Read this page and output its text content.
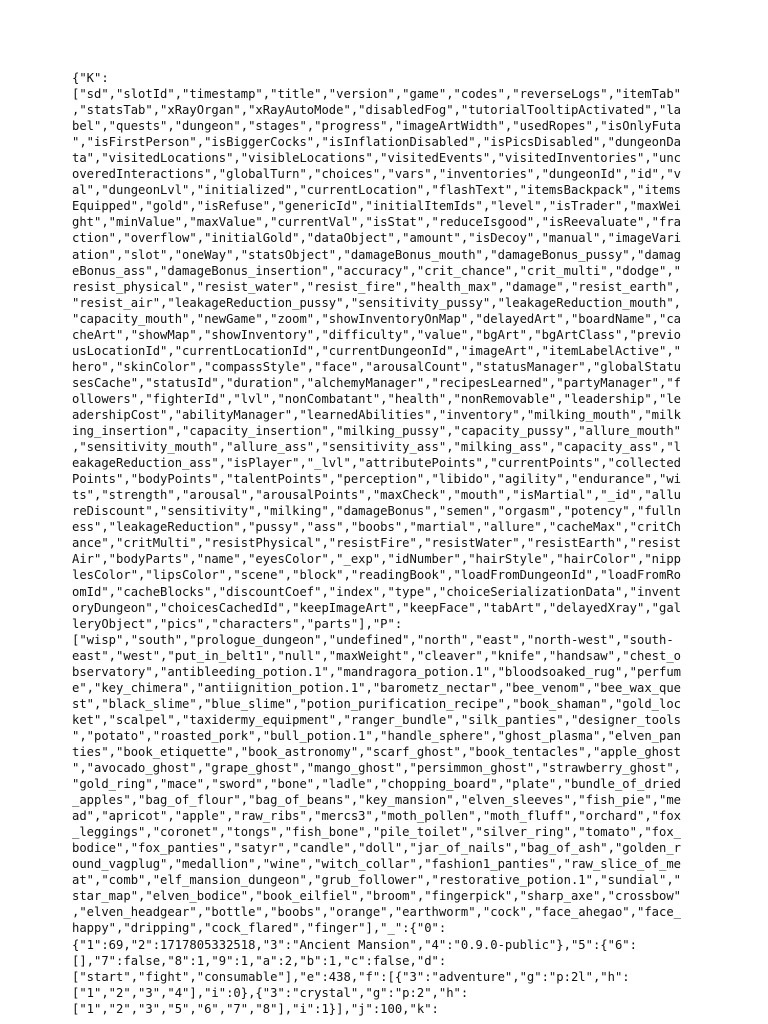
{"K":
["sd","slotId","timestamp","title","version","game","codes","reverseLogs","itemTab"
,"statsTab","xRayOrgan","xRayAutoMode","disabledFog","tutorialTooltipActivated","la
bel","quests","dungeon","stages","progress","imageArtWidth","usedRopes","isOnlyFuta
","isFirstPerson","isBiggerCocks","isInflationDisabled","isPicsDisabled","dungeonDa
ta","visitedLocations","visibleLocations","visitedEvents","visitedInventories","unc
overedInteractions","globalTurn","choices","vars","inventories","dungeonId","id","v
al","dungeonLvl","initialized","currentLocation","flashText","itemsBackpack","items
Equipped","gold","isRefuse","genericId","initialItemIds","level","isTrader","maxWei
ght","minValue","maxValue","currentVal","isStat","reduceIsgood","isReevaluate","fra
ction","overflow","initialGold","dataObject","amount","isDecoy","manual","imageVari
ation","slot","oneWay","statsObject","damageBonus_mouth","damageBonus_pussy","damag
eBonus_ass","damageBonus_insertion","accuracy","crit_chance","crit_multi","dodge","
resist_physical","resist_water","resist_fire","health_max","damage","resist_earth",
"resist_air","leakageReduction_pussy","sensitivity_pussy","leakageReduction_mouth",
"capacity_mouth","newGame","zoom","showInventoryOnMap","delayedArt","boardName","ca
cheArt","showMap","showInventory","difficulty","value","bgArt","bgArtClass","previo
usLocationId","currentLocationId","currentDungeonId","imageArt","itemLabelActive","
hero","skinColor","compassStyle","face","arousalCount","statusManager","globalStatu
sesCache","statusId","duration","alchemyManager","recipesLearned","partyManager","f
ollowers","fighterId","lvl","nonCombatant","health","nonRemovable","leadership","le
adershipCost","abilityManager","learnedAbilities","inventory","milking_mouth","milk
ing_insertion","capacity_insertion","milking_pussy","capacity_pussy","allure_mouth"
,"sensitivity_mouth","allure_ass","sensitivity_ass","milking_ass","capacity_ass","l
eakageReduction_ass","isPlayer","_lvl","attributePoints","currentPoints","collected
Points","bodyPoints","talentPoints","perception","libido","agility","endurance","wi
ts","strength","arousal","arousalPoints","maxCheck","mouth","isMartial","_id","allu
reDiscount","sensitivity","milking","damageBonus","semen","orgasm","potency","fulln
ess","leakageReduction","pussy","ass","boobs","martial","allure","cacheMax","critCh
ance","critMulti","resistPhysical","resistFire","resistWater","resistEarth","resist
Air","bodyParts","name","eyesColor","_exp","idNumber","hairStyle","hairColor","nipp
lesColor","lipsColor","scene","block","readingBook","loadFromDungeonId","loadFromRo
omId","cacheBlocks","discountCoef","index","type","choiceSerializationData","invent
oryDungeon","choicesCachedId","keepImageArt","keepFace","tabArt","delayedXray","gal
leryObject","pics","characters","parts"],"P":
["wisp","south","prologue_dungeon","undefined","north","east","north-west","south-
east","west","put_in_belt1","null","maxWeight","cleaver","knife","handsaw","chest_o
bservatory","antibleeding_potion.1","mandragora_potion.1","bloodsoaked_rug","perfum
e","key_chimera","antiignition_potion.1","barometz_nectar","bee_venom","bee_wax_que
st","black_slime","blue_slime","potion_purification_recipe","book_shaman","gold_loc
ket","scalpel","taxidermy_equipment","ranger_bundle","silk_panties","designer_tools
","potato","roasted_pork","bull_potion.1","handle_sphere","ghost_plasma","elven_pan
ties","book_etiquette","book_astronomy","scarf_ghost","book_tentacles","apple_ghost
","avocado_ghost","grape_ghost","mango_ghost","persimmon_ghost","strawberry_ghost",
"gold_ring","mace","sword","bone","ladle","chopping_board","plate","bundle_of_dried
_apples","bag_of_flour","bag_of_beans","key_mansion","elven_sleeves","fish_pie","me
ad","apricot","apple","raw_ribs","mercs3","moth_pollen","moth_fluff","orchard","fox
_leggings","coronet","tongs","fish_bone","pile_toilet","silver_ring","tomato","fox_
bodice","fox_panties","satyr","candle","doll","jar_of_nails","bag_of_ash","golden_r
ound_vagplug","medallion","wine","witch_collar","fashion1_panties","raw_slice_of_me
at","comb","elf_mansion_dungeon","grub_follower","restorative_potion.1","sundial","
star_map","elven_bodice","book_eilfiel","broom","fingerpick","sharp_axe","crossbow"
,"elven_headgear","bottle","boobs","orange","earthworm","cock","face_ahegao","face_
happy","dripping","cock_flared","finger"],"_":{"0":
{"1":69,"2":1717805332518,"3":"Ancient Mansion","4":"0.9.0-public"},"5":{"6":
[],"7":false,"8":1,"9":1,"a":2,"b":1,"c":false,"d":
["start","fight","consumable"],"e":438,"f":[{"3":"adventure","g":"p:2l","h":
["1","2","3","4"],"i":0},{"3":"crystal","g":"p:2","h":
["1","2","3","5","6","7","8"],"i":1}],"j":100,"k":
